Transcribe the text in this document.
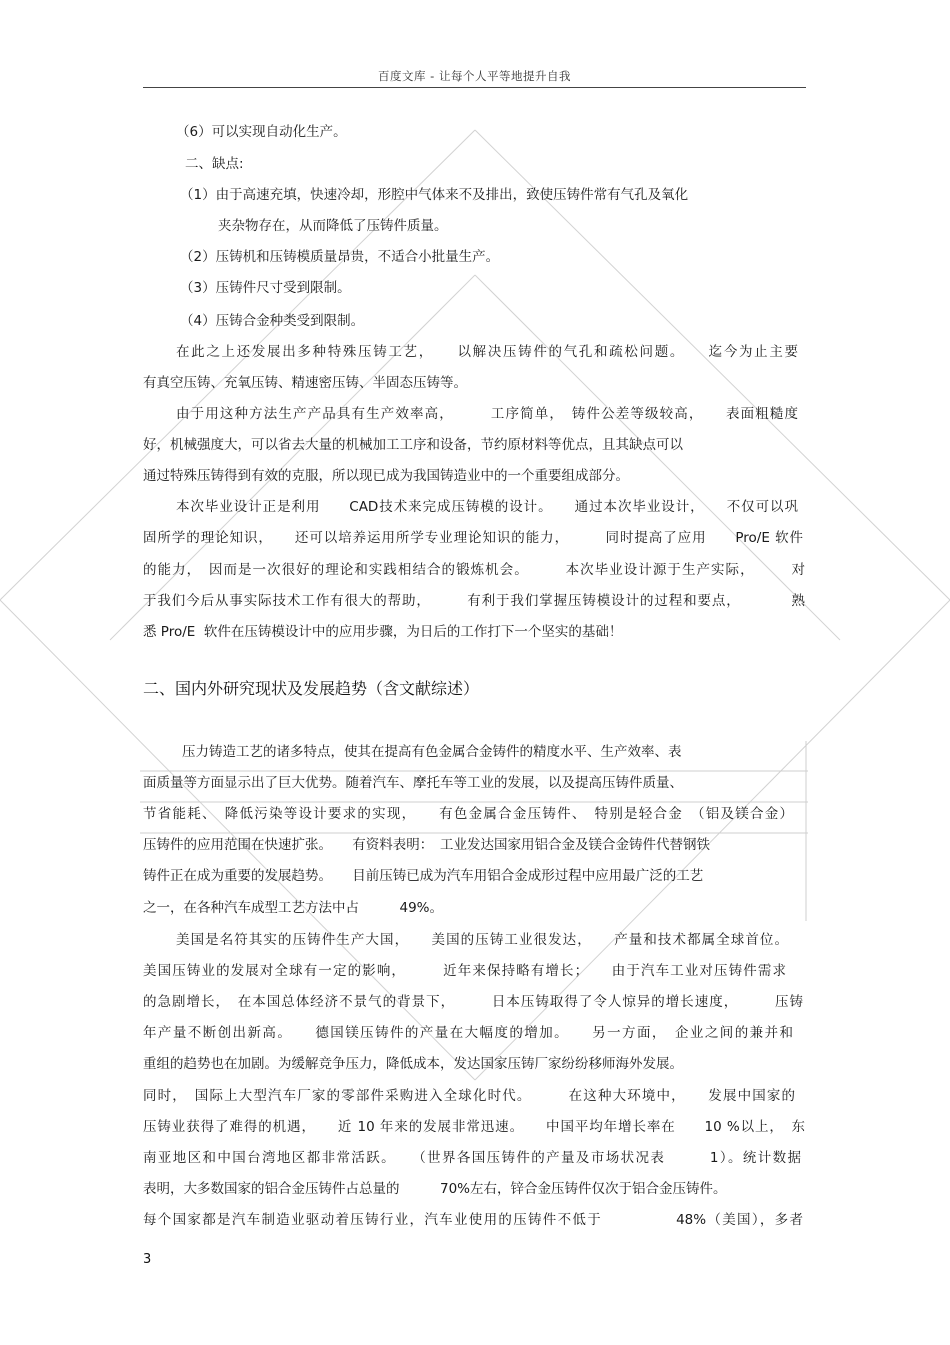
百度文库 - 让每个人平等地提升自我
（6）可以实现自动化生产。
二、缺点:
（1）由于高速充填，快速冷却，形腔中气体来不及排出，致使压铸件常有气孔及氧化
夹杂物存在，从而降低了压铸件质量。
（2）压铸机和压铸模质量昂贵，不适合小批量生产。
（3）压铸件尺寸受到限制。
（4）压铸合金种类受到限制。
在此之上还发展出多种特殊压铸工艺，　　以解决压铸件的气孔和疏松问题。　　迄今为止主要
有真空压铸、充氧压铸、精速密压铸、半固态压铸等。
由于用这种方法生产产品具有生产效率高，　　　工序简单，　铸件公差等级较高，　　表面粗糙度
好，机械强度大，可以省去大量的机械加工工序和设备，节约原材料等优点，且其缺点可以
通过特殊压铸得到有效的克服，所以现已成为我国铸造业中的一个重要组成部分。
本次毕业设计正是利用　　CAD技术来完成压铸模的设计。　　通过本次毕业设计，　　不仅可以巩
固所学的理论知识，　　还可以培养运用所学专业理论知识的能力，　　　同时提高了应用　　Pro/E 软件
的能力，　因而是一次很好的理论和实践相结合的锻炼机会。　　　本次毕业设计源于生产实际，　　　对
于我们今后从事实际技术工作有很大的帮助，　　　有利于我们掌握压铸模设计的过程和要点，　　　　熟
悉 Pro/E  软件在压铸模设计中的应用步骤，为日后的工作打下一个坚实的基础！
二、国内外研究现状及发展趋势（含文献综述）
压力铸造工艺的诸多特点，使其在提高有色金属合金铸件的精度水平、生产效率、表
面质量等方面显示出了巨大优势。随着汽车、摩托车等工业的发展，以及提高压铸件质量、
节省能耗、　降低污染等设计要求的实现，　　有色金属合金压铸件、　特别是轻合金　（铝及镁合金）
压铸件的应用范围在快速扩张。　　有资料表明：　工业发达国家用铝合金及镁合金铸件代替钢铁
铸件正在成为重要的发展趋势。　　目前压铸已成为汽车用铝合金成形过程中应用最广泛的工艺
之一，在各种汽车成型工艺方法中占　　　49%。
美国是名符其实的压铸件生产大国，　　美国的压铸工业很发达，　　产量和技术都属全球首位。
美国压铸业的发展对全球有一定的影响，　　　近年来保持略有增长；　　由于汽车工业对压铸件需求
的急剧增长，　在本国总体经济不景气的背景下，　　　日本压铸取得了令人惊异的增长速度，　　　压铸
年产量不断创出新高。　　德国镁压铸件的产量在大幅度的增加。　　另一方面，　企业之间的兼并和
重组的趋势也在加剧。为缓解竞争压力，降低成本，发达国家压铸厂家纷纷移师海外发展。
同时，　国际上大型汽车厂家的零部件采购进入全球化时代。　　　在这种大环境中，　　发展中国家的
压铸业获得了难得的机遇，　　近 10 年来的发展非常迅速。　　中国平均年增长率在　　10 %以上，　东
南亚地区和中国台湾地区都非常活跃。　　（世界各国压铸件的产量及市场状况表　　　1）。统计数据
表明，大多数国家的铝合金压铸件占总量的　　　70%左右，锌合金压铸件仅次于铝合金压铸件。
每个国家都是汽车制造业驱动着压铸行业，汽车业使用的压铸件不低于　　　　　48%（美国），多者
3
